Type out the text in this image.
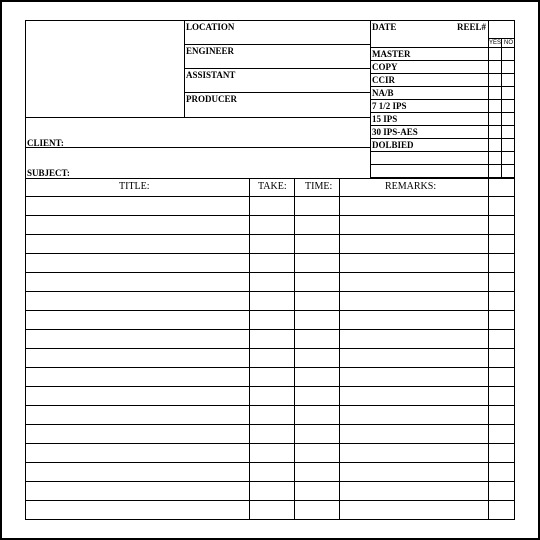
LOCATION
ENGINEER
ASSISTANT
PRODUCER
CLIENT:
SUBJECT:
DATE	REEL#
YES NO
MASTER
COPY
CCIR
NA/B
7 1/2 IPS
15 IPS
30 IPS-AES
DOLBIED
TITLE:	TAKE: TIME:	REMARKS:
